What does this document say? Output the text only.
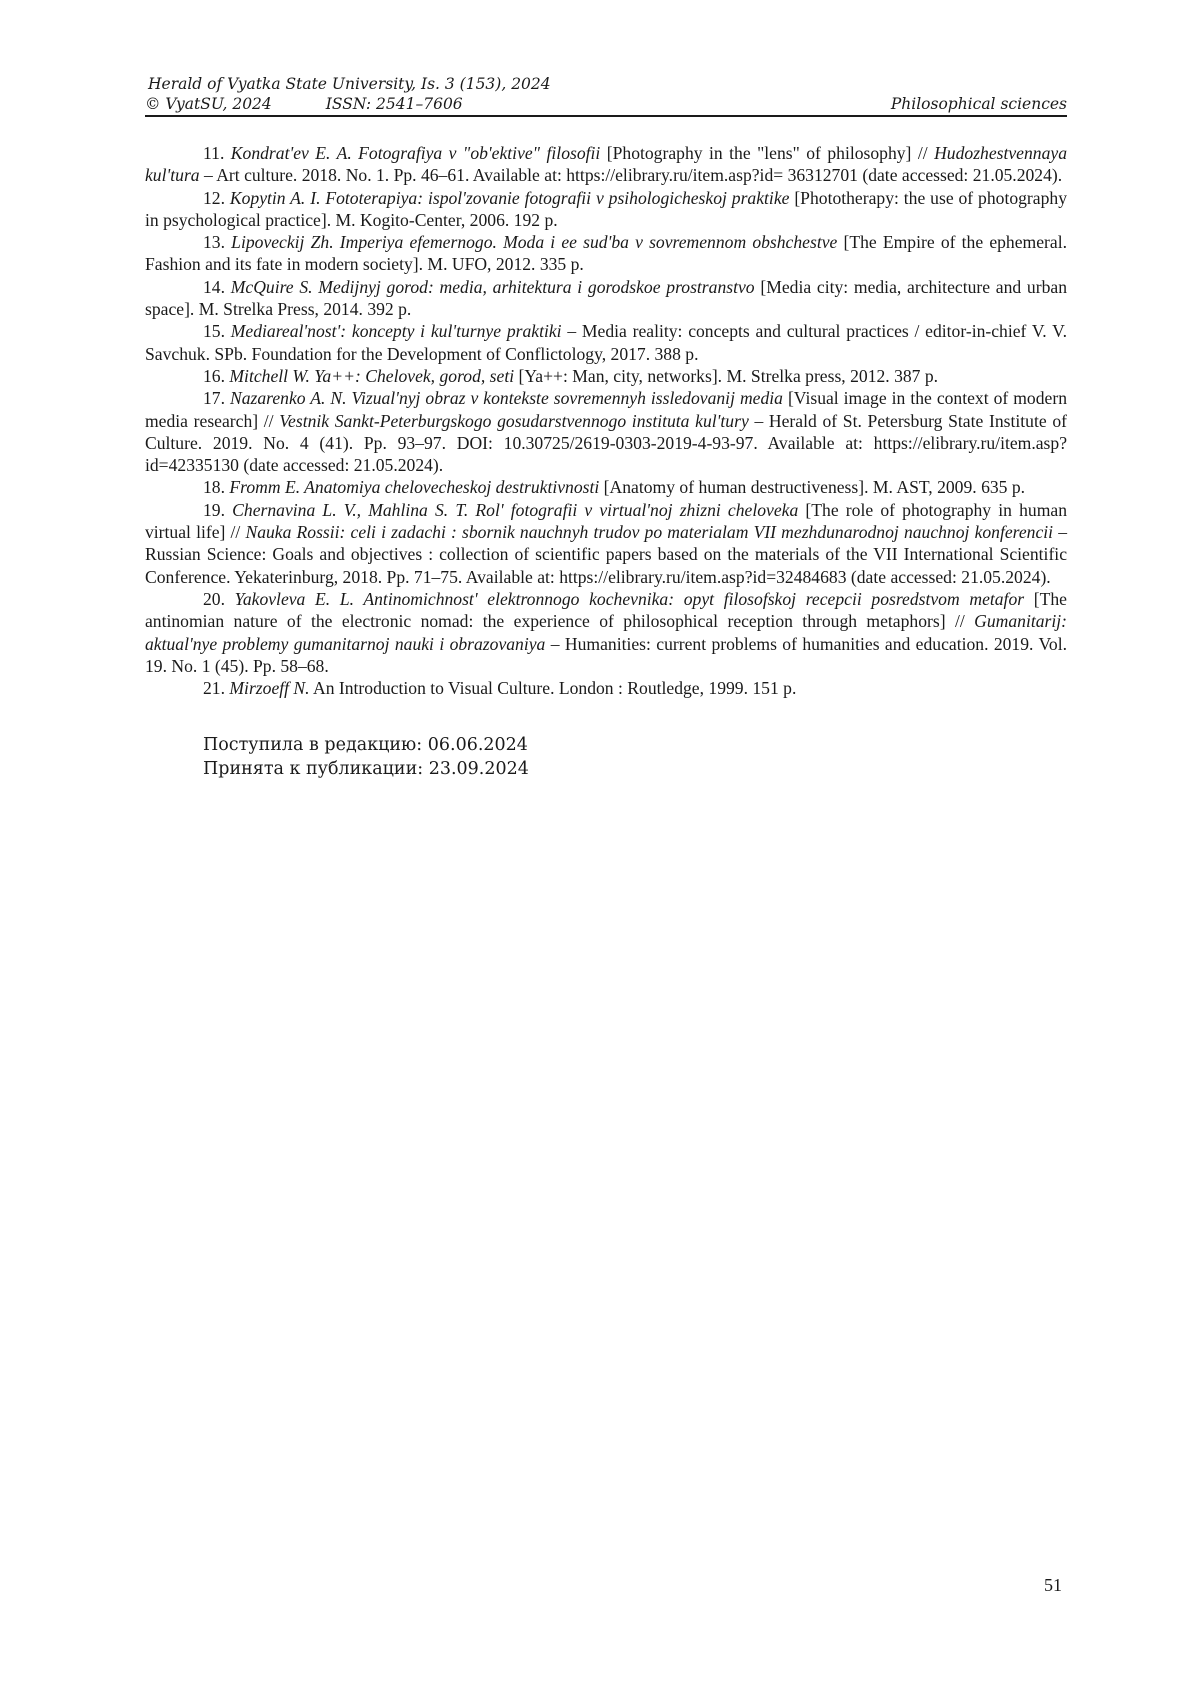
Herald of Vyatka State University, Is. 3 (153), 2024
© VyatSU, 2024	ISSN: 2541–7606	Philosophical sciences

11. Kondrat'ev E. A. Fotografiya v "ob'ektive" filosofii [Photography in the "lens" of philosophy] // Hudozhestvennaya kul'tura – Art culture. 2018. No. 1. Pp. 46–61. Available at: https://elibrary.ru/item.asp?id= 36312701 (date accessed: 21.05.2024).

12. Kopytin A. I. Fototerapiya: ispol'zovanie fotografii v psihologicheskoj praktike [Phototherapy: the use of photography in psychological practice]. M. Kogito-Center, 2006. 192 p.

13. Lipoveckij Zh. Imperiya efemernogo. Moda i ee sud'ba v sovremennom obshchestve [The Empire of the ephemeral. Fashion and its fate in modern society]. M. UFO, 2012. 335 p.

14. McQuire S. Medijnyj gorod: media, arhitektura i gorodskoe prostranstvo [Media city: media, architecture and urban space]. M. Strelka Press, 2014. 392 p.

15. Mediareal'nost': koncepty i kul'turnye praktiki – Media reality: concepts and cultural practices / editor-in-chief V. V. Savchuk. SPb. Foundation for the Development of Conflictology, 2017. 388 p.

16. Mitchell W. Ya++: Chelovek, gorod, seti [Ya++: Man, city, networks]. M. Strelka press, 2012. 387 p.

17. Nazarenko A. N. Vizual'nyj obraz v kontekste sovremennyh issledovanij media [Visual image in the context of modern media research] // Vestnik Sankt-Peterburgskogo gosudarstvennogo instituta kul'tury – Herald of St. Petersburg State Institute of Culture. 2019. No. 4 (41). Pp. 93–97. DOI: 10.30725/2619-0303-2019-4-93-97. Available at: https://elibrary.ru/item.asp?id=42335130 (date accessed: 21.05.2024).

18. Fromm E. Anatomiya chelovecheskoj destruktivnosti [Anatomy of human destructiveness]. M. AST, 2009. 635 p.

19. Chernavina L. V., Mahlina S. T. Rol' fotografii v virtual'noj zhizni cheloveka [The role of photography in human virtual life] // Nauka Rossii: celi i zadachi : sbornik nauchnyh trudov po materialam VII mezhdunarodnoj nauchnoj konferencii – Russian Science: Goals and objectives : collection of scientific papers based on the materials of the VII International Scientific Conference. Yekaterinburg, 2018. Pp. 71–75. Available at: https://elibrary.ru/item.asp?id=32484683 (date accessed: 21.05.2024).

20. Yakovleva E. L. Antinomichnost' elektronnogo kochevnika: opyt filosofskoj recepcii posredstvom metafor [The antinomian nature of the electronic nomad: the experience of philosophical reception through metaphors] // Gumanitarij: aktual'nye problemy gumanitarnoj nauki i obrazovaniya – Humanities: current problems of humanities and education. 2019. Vol. 19. No. 1 (45). Pp. 58–68.

21. Mirzoeff N. An Introduction to Visual Culture. London : Routledge, 1999. 151 p.

Поступила в редакцию: 06.06.2024
Принята к публикации: 23.09.2024
51
